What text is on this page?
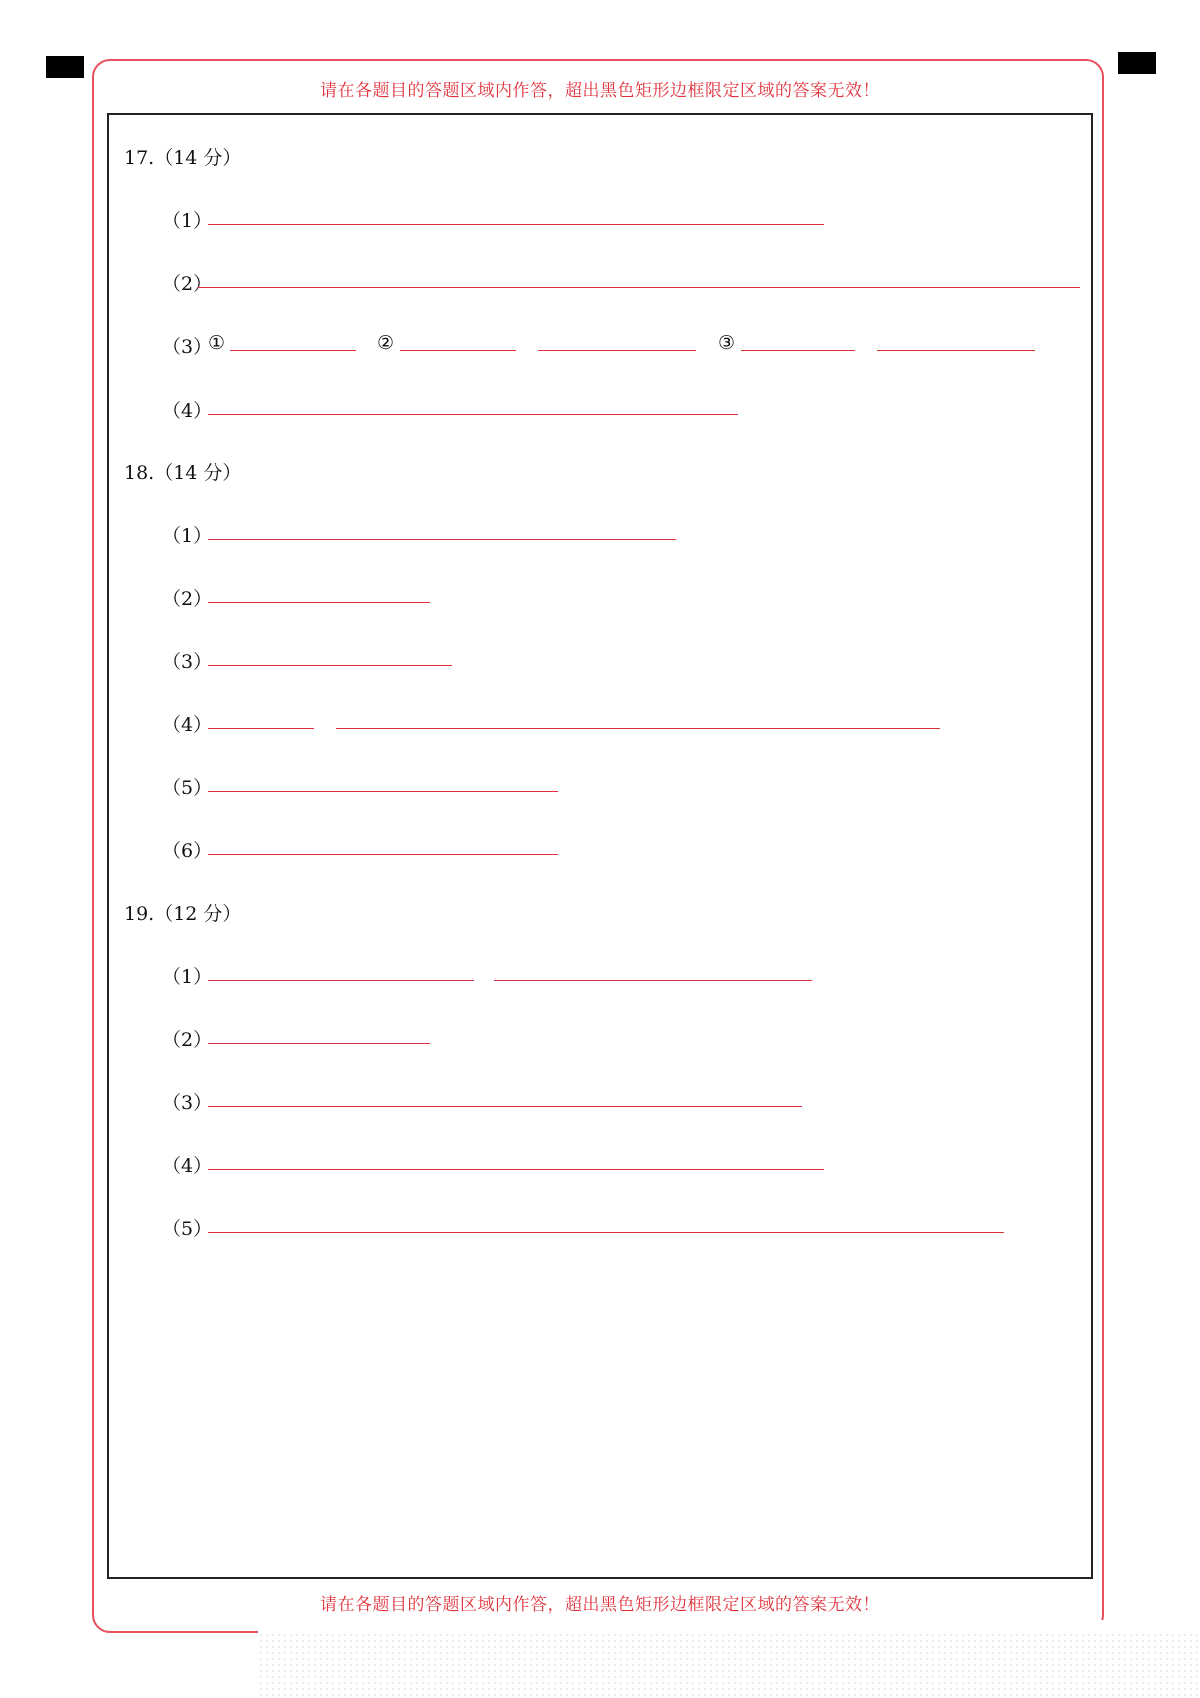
请在各题目的答题区域内作答，超出黑色矩形边框限定区域的答案无效！
请在各题目的答题区域内作答，超出黑色矩形边框限定区域的答案无效！
17.（14 分）
（1）
（2）
（3）
①	②	③
（4）
18.（14 分）
（1）
（2）
（3）
（4）
（5）
（6）
19.（12 分）
（1）
（2）
（3）
（4）
（5）
